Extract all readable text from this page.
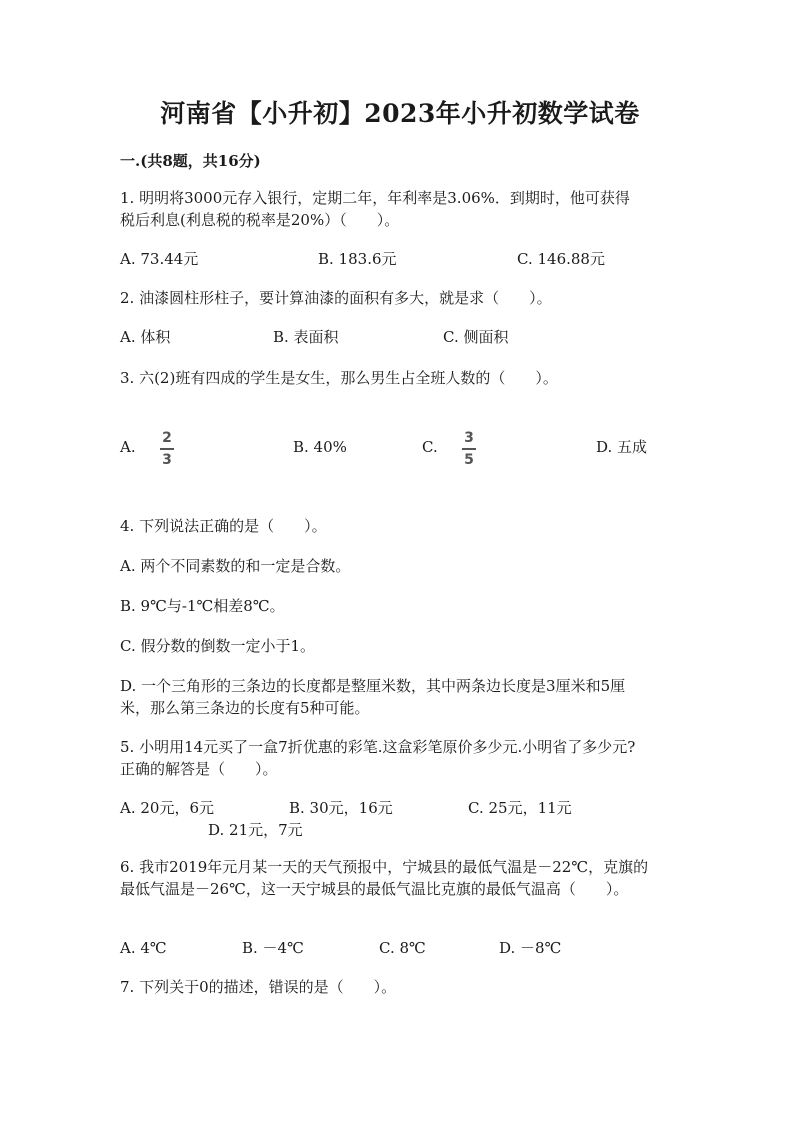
河南省【小升初】2023年小升初数学试卷
一.(共8题，共16分)
1. 明明将3000元存入银行，定期二年，年利率是3.06%．到期时，他可获得
税后利息(利息税的税率是20%）（　　）。
A. 73.44元	B. 183.6元	C. 146.88元
2. 油漆圆柱形柱子，要计算油漆的面积有多大，就是求（　　）。
A. 体积	B. 表面积	C. 侧面积
3. 六(2)班有四成的学生是女生，那么男生占全班人数的（　　）。
A.	2
3
B. 40%	C.	3
5
D. 五成
4. 下列说法正确的是（　　）。
A. 两个不同素数的和一定是合数。
B. 9℃与-1℃相差8℃。
C. 假分数的倒数一定小于1。
D. 一个三角形的三条边的长度都是整厘米数，其中两条边长度是3厘米和5厘
米，那么第三条边的长度有5种可能。
5. 小明用14元买了一盒7折优惠的彩笔.这盒彩笔原价多少元.小明省了多少元?
正确的解答是（　　）。
A. 20元，6元	B. 30元，16元	C. 25元，11元
D. 21元，7元
6. 我市2019年元月某一天的天气预报中，宁城县的最低气温是－22℃，克旗的
最低气温是－26℃，这一天宁城县的最低气温比克旗的最低气温高（　　）。
A. 4℃	B. －4℃	C. 8℃	D. －8℃
7. 下列关于0的描述，错误的是（　　）。
